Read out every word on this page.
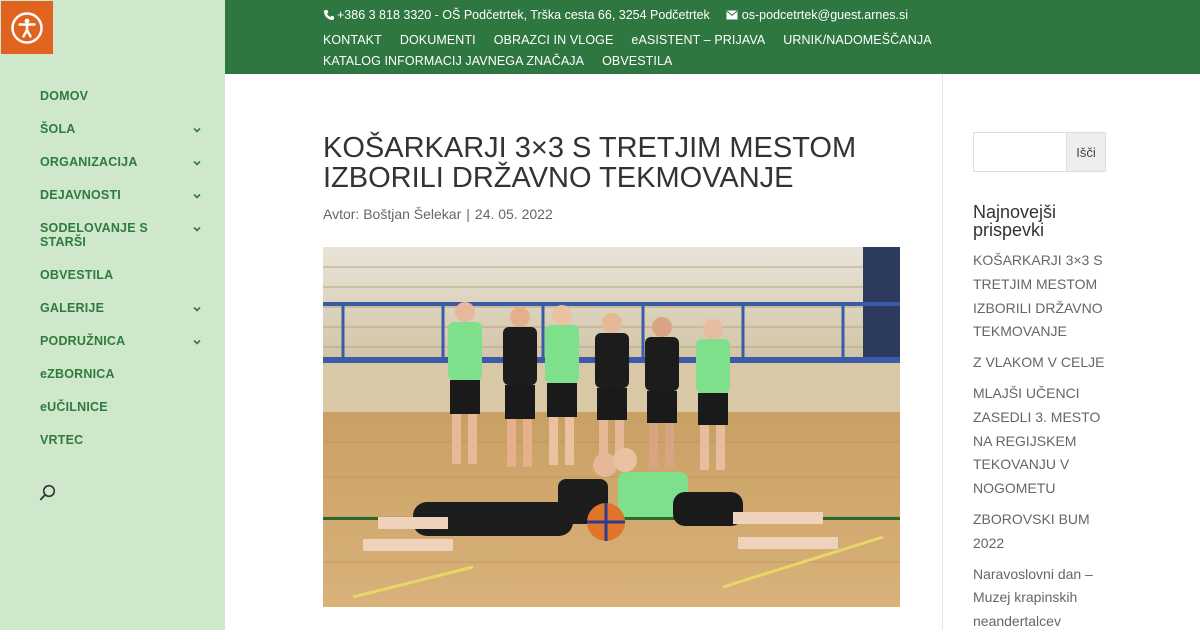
DOMOV
ŠOLA
ORGANIZACIJA
DEJAVNOSTI
SODELOVANJE S STARŠI
OBVESTILA
GALERIJE
PODRUŽNICA
eZBORNICA
eUČILNICE
VRTEC
+386 3 818 3320 - OŠ Podčetrtek, Trška cesta 66, 3254 Podčetrtek	os-podcetrtek@guest.arnes.si
KONTAKT DOKUMENTI OBRAZCI IN VLOGE eASISTENT – PRIJAVA URNIK/NADOMEŠČANJA
KATALOG INFORMACIJ JAVNEGA ZNAČAJA OBVESTILA
KOŠARKARJI 3×3 S TRETJIM MESTOM IZBORILI DRŽAVNO TEKMOVANJE
Avtor: Boštjan Šelekar | 24. 05. 2022
Išči
Najnovejši prispevki
KOŠARKARJI 3×3 S TRETJIM MESTOM IZBORILI DRŽAVNO TEKMOVANJE
Z VLAKOM V CELJE
MLAJŠI UČENCI ZASEDLI 3. MESTO NA REGIJSKEM TEKOVANJU V NOGOMETU
ZBOROVSKI BUM 2022
Naravoslovni dan – Muzej krapinskih neandertalcev
